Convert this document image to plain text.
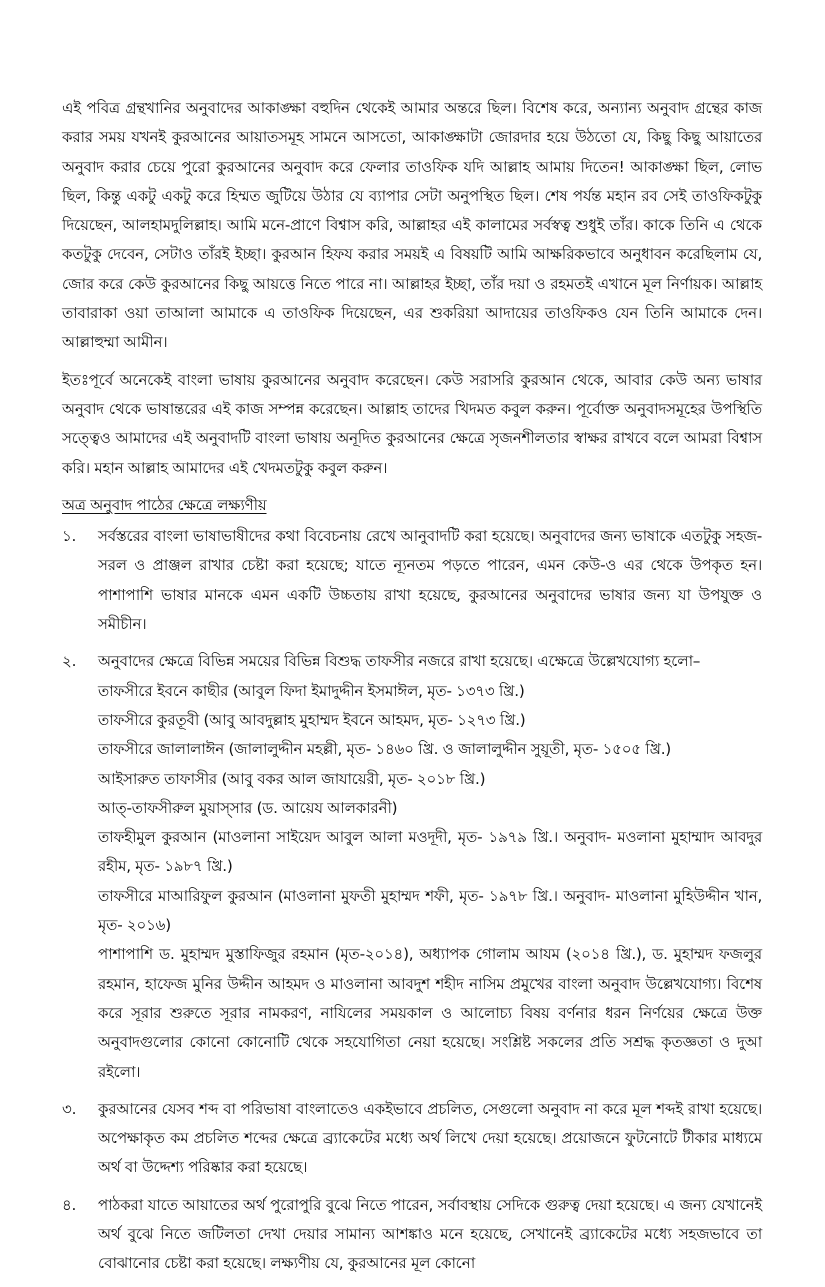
এই পবিত্র গ্রন্থখানির অনুবাদের আকাঙ্ক্ষা বহুদিন থেকেই আমার অন্তরে ছিল। বিশেষ করে, অন্যান্য অনুবাদ গ্রন্থের কাজ করার সময় যখনই কুরআনের আয়াতসমূহ সামনে আসতো, আকাঙ্ক্ষাটা জোরদার হয়ে উঠতো যে, কিছু কিছু আয়াতের অনুবাদ করার চেয়ে পুরো কুরআনের অনুবাদ করে ফেলার তাওফিক যদি আল্লাহ আমায় দিতেন! আকাঙ্ক্ষা ছিল, লোভ ছিল, কিন্তু একটু একটু করে হিম্মত জুটিয়ে উঠার যে ব্যাপার সেটা অনুপস্থিত ছিল। শেষ পর্যন্ত মহান রব সেই তাওফিকটুকু দিয়েছেন, আলহামদুলিল্লাহ। আমি মনে-প্রাণে বিশ্বাস করি, আল্লাহর এই কালামের সর্বস্বত্ব শুধুই তাঁর। কাকে তিনি এ থেকে কতটুকু দেবেন, সেটাও তাঁরই ইচ্ছা। কুরআন হিফয করার সময়ই এ বিষয়টি আমি আক্ষরিকভাবে অনুধাবন করেছিলাম যে, জোর করে কেউ কুরআনের কিছু আয়ত্তে নিতে পারে না। আল্লাহর ইচ্ছা, তাঁর দয়া ও রহমতই এখানে মূল নির্ণায়ক। আল্লাহ তাবারাকা ওয়া তাআলা আমাকে এ তাওফিক দিয়েছেন, এর শুকরিয়া আদায়ের তাওফিকও যেন তিনি আমাকে দেন। আল্লাহুম্মা আমীন।

ইতঃপূর্বে অনেকেই বাংলা ভাষায় কুরআনের অনুবাদ করেছেন। কেউ সরাসরি কুরআন থেকে, আবার কেউ অন্য ভাষার অনুবাদ থেকে ভাষান্তরের এই কাজ সম্পন্ন করেছেন। আল্লাহ তাদের খিদমত কবুল করুন। পূর্বোক্ত অনুবাদসমূহের উপস্থিতি সত্ত্বেও আমাদের এই অনুবাদটি বাংলা ভাষায় অনূদিত কুরআনের ক্ষেত্রে সৃজনশীলতার স্বাক্ষর রাখবে বলে আমরা বিশ্বাস করি। মহান আল্লাহ আমাদের এই খেদমতটুকু কবুল করুন।

অত্র অনুবাদ পাঠের ক্ষেত্রে লক্ষ্যণীয়
১.	সর্বস্তরের বাংলা ভাষাভাষীদের কথা বিবেচনায় রেখে আনুবাদটি করা হয়েছে। অনুবাদের জন্য ভাষাকে এতটুকু সহজ-সরল ও প্রাঞ্জল রাখার চেষ্টা করা হয়েছে; যাতে ন্যূনতম পড়তে পারেন, এমন কেউ-ও এর থেকে উপকৃত হন। পাশাপাশি ভাষার মানকে এমন একটি উচ্চতায় রাখা হয়েছে, কুরআনের অনুবাদের ভাষার জন্য যা উপযুক্ত ও সমীচীন।

২.	অনুবাদের ক্ষেত্রে বিভিন্ন সময়ের বিভিন্ন বিশুদ্ধ তাফসীর নজরে রাখা হয়েছে। এক্ষেত্রে উল্লেখযোগ্য হলো–

তাফসীরে ইবনে কাছীর (আবুল ফিদা ইমাদুদ্দীন ইসমাঈল, মৃত- ১৩৭৩ খ্রি.)

তাফসীরে কুরতূবী (আবু আবদুল্লাহ মুহাম্মদ ইবনে আহমদ, মৃত- ১২৭৩ খ্রি.)

তাফসীরে জালালাঈন (জালালুদ্দীন মহল্লী, মৃত- ১৪৬০ খ্রি. ও জালালুদ্দীন সুয়ূতী, মৃত- ১৫০৫ খ্রি.)

আইসারুত তাফাসীর (আবু বকর আল জাযায়েরী, মৃত- ২০১৮ খ্রি.)

আত্-তাফসীরুল মুয়াস্সার (ড. আয়েয আলকারনী)

তাফহীমুল কুরআন (মাওলানা সাইয়েদ আবুল আলা মওদূদী, মৃত- ১৯৭৯ খ্রি.। অনুবাদ- মওলানা মুহাম্মাদ আবদুর রহীম, মৃত- ১৯৮৭ খ্রি.)

তাফসীরে মাআরিফুল কুরআন (মাওলানা মুফতী মুহাম্মদ শফী, মৃত- ১৯৭৮ খ্রি.। অনুবাদ- মাওলানা মুহিউদ্দীন খান, মৃত- ২০১৬)

পাশাপাশি ড. মুহাম্মদ মুস্তাফিজুর রহমান (মৃত-২০১৪), অধ্যাপক গোলাম আযম (২০১৪ খ্রি.), ড. মুহাম্মদ ফজলুর রহমান, হাফেজ মুনির উদ্দীন আহমদ ও মাওলানা আবদুশ শহীদ নাসিম প্রমুখের বাংলা অনুবাদ উল্লেখযোগ্য। বিশেষ করে সূরার শুরুতে সূরার নামকরণ, নাযিলের সময়কাল ও আলোচ্য বিষয় বর্ণনার ধরন নির্ণয়ের ক্ষেত্রে উক্ত অনুবাদগুলোর কোনো কোনোটি থেকে সহযোগিতা নেয়া হয়েছে। সংশ্লিষ্ট সকলের প্রতি সশ্রদ্ধ কৃতজ্ঞতা ও দুআ রইলো।

৩.	কুরআনের যেসব শব্দ বা পরিভাষা বাংলাতেও একইভাবে প্রচলিত, সেগুলো অনুবাদ না করে মূল শব্দই রাখা হয়েছে। অপেক্ষাকৃত কম প্রচলিত শব্দের ক্ষেত্রে ব্র্যাকেটের মধ্যে অর্থ লিখে দেয়া হয়েছে। প্রয়োজনে ফুটনোটে টীকার মাধ্যমে অর্থ বা উদ্দেশ্য পরিষ্কার করা হয়েছে।

৪.	পাঠকরা যাতে আয়াতের অর্থ পুরোপুরি বুঝে নিতে পারেন, সর্বাবস্থায় সেদিকে গুরুত্ব দেয়া হয়েছে। এ জন্য যেখানেই অর্থ বুঝে নিতে জটিলতা দেখা দেয়ার সামান্য আশঙ্কাও মনে হয়েছে, সেখানেই ব্র্যাকেটের মধ্যে সহজভাবে তা বোঝানোর চেষ্টা করা হয়েছে। লক্ষ্যণীয় যে, কুরআনের মূল কোনো
